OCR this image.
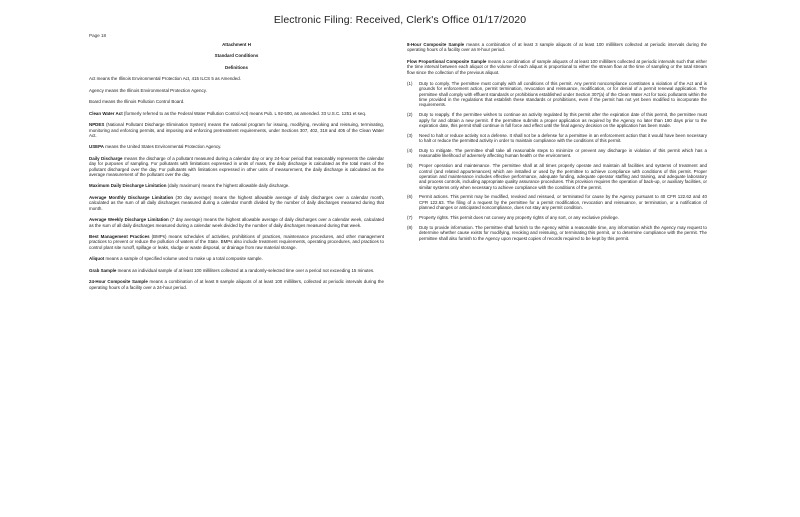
Electronic Filing: Received, Clerk's Office 01/17/2020
Page 18
Attachment H
Standard Conditions
Definitions
Act means the Illinois Environmental Protection Act, 415 ILCS 5 as Amended.
Agency means the Illinois Environmental Protection Agency.
Board means the Illinois Pollution Control Board.
Clean Water Act (formerly referred to as the Federal Water Pollution Control Act) means Pub. L 92-500, as amended. 33 U.S.C. 1251 et seq.
NPDES (National Pollutant Discharge Elimination System) means the national program for issuing, modifying, revoking and reissuing, terminating, monitoring and enforcing permits, and imposing and enforcing pretreatment requirements, under Sections 307, 402, 318 and 405 of the Clean Water Act.
USEPA means the United States Environmental Protection Agency.
Daily Discharge means the discharge of a pollutant measured during a calendar day or any 24-hour period that reasonably represents the calendar day for purposes of sampling. For pollutants with limitations expressed in units of mass, the daily discharge is calculated as the total mass of the pollutant discharged over the day. For pollutants with limitations expressed in other units of measurement, the daily discharge is calculated as the average measurement of the pollutant over the day.
Maximum Daily Discharge Limitation (daily maximum) means the highest allowable daily discharge.
Average Monthly Discharge Limitation (30 day average) means the highest allowable average of daily discharges over a calendar month, calculated as the sum of all daily discharges measured during a calendar month divided by the number of daily discharges measured during that month.
Average Weekly Discharge Limitation (7 day average) means the highest allowable average of daily discharges over a calendar week, calculated as the sum of all daily discharges measured during a calendar week divided by the number of daily discharges measured during that week.
Best Management Practices (BMPs) means schedules of activities, prohibitions of practices, maintenance procedures, and other management practices to prevent or reduce the pollution of waters of the State. BMPs also include treatment requirements, operating procedures, and practices to control plant site runoff, spillage or leaks, sludge or waste disposal, or drainage from raw material storage.
Aliquot means a sample of specified volume used to make up a total composite sample.
Grab Sample means an individual sample of at least 100 milliliters collected at a randomly-selected time over a period not exceeding 15 minutes.
24-Hour Composite Sample means a combination of at least 8 sample aliquots of at least 100 milliliters, collected at periodic intervals during the operating hours of a facility over a 24-hour period.
8-Hour Composite Sample means a combination of at least 3 sample aliquots of at least 100 milliliters collected at periodic intervals during the operating hours of a facility over an 8-hour period.
Flow Proportional Composite Sample means a combination of sample aliquots of at least 100 milliliters collected at periodic intervals such that either the time interval between each aliquot or the volume of each aliquot is proportional to either the stream flow at the time of sampling or the total stream flow since the collection of the previous aliquot.
(1)	Duty to comply. The permittee must comply with all conditions of this permit. Any permit noncompliance constitutes a violation of the Act and is grounds for enforcement action, permit termination, revocation and reissuance, modification, or for denial of a permit renewal application. The permittee shall comply with effluent standards or prohibitions established under Section 307(a) of the Clean Water Act for toxic pollutants within the time provided in the regulations that establish these standards or prohibitions, even if the permit has not yet been modified to incorporate the requirements.
(2)	Duty to reapply. If the permittee wishes to continue an activity regulated by this permit after the expiration date of this permit, the permittee must apply for and obtain a new permit. If the permittee submits a proper application as required by the Agency no later than 180 days prior to the expiration date, this permit shall continue in full force and effect until the final agency decision on the application has been made.
(3)	Need to halt or reduce activity not a defense. It shall not be a defense for a permittee in an enforcement action that it would have been necessary to halt or reduce the permitted activity in order to maintain compliance with the conditions of this permit.
(4)	Duty to mitigate. The permittee shall take all reasonable steps to minimize or prevent any discharge in violation of this permit which has a reasonable likelihood of adversely affecting human health or the environment.
(5)	Proper operation and maintenance. The permittee shall at all times properly operate and maintain all facilities and systems of treatment and control (and related appurtenances) which are installed or used by the permittee to achieve compliance with conditions of this permit. Proper operation and maintenance includes effective performance, adequate funding, adequate operator staffing and training, and adequate laboratory and process controls, including appropriate quality assurance procedures. This provision requires the operation of back-up, or auxiliary facilities, or similar systems only when necessary to achieve compliance with the conditions of the permit.
(6)	Permit actions. This permit may be modified, revoked and reissued, or terminated for cause by the Agency pursuant to 40 CFR 122.62 and 40 CFR 122.63. The filing of a request by the permittee for a permit modification, revocation and reissuance, or termination, or a notification of planned changes or anticipated noncompliance, does not stay any permit condition.
(7)	Property rights. This permit does not convey any property rights of any sort, or any exclusive privilege.
(8)	Duty to provide information. The permittee shall furnish to the Agency within a reasonable time, any information which the Agency may request to determine whether cause exists for modifying, revoking and reissuing, or terminating this permit, or to determine compliance with the permit. The permittee shall also furnish to the Agency upon request copies of records required to be kept by this permit.
